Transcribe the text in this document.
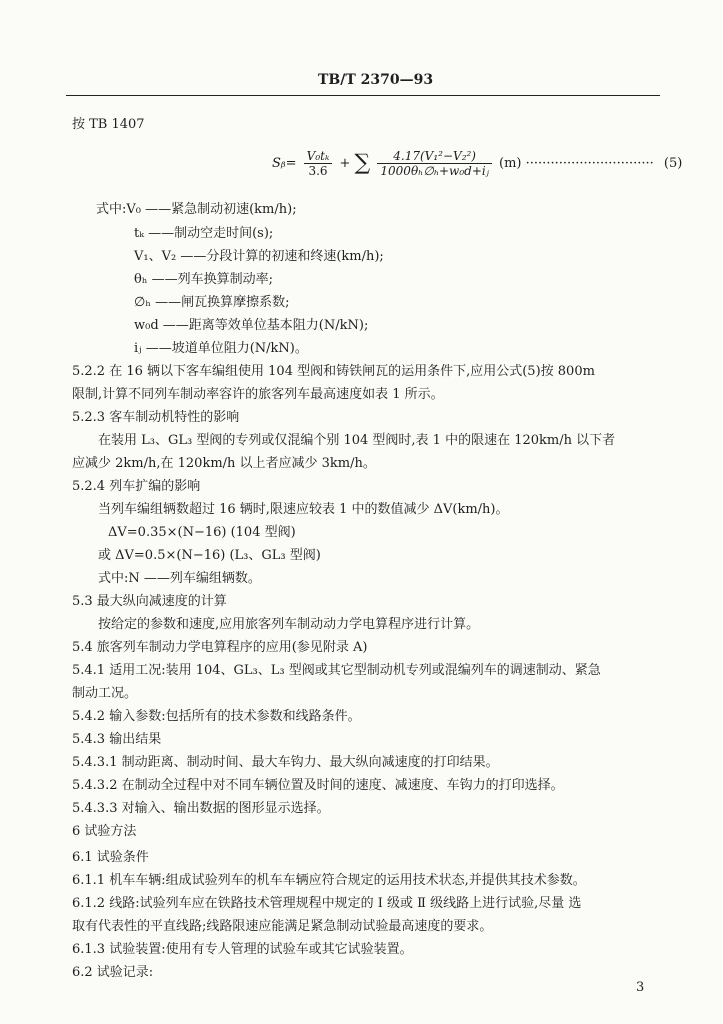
TB/T 2370—93
按 TB 1407
式中:V₀ ——紧急制动初速(km/h);
tₖ ——制动空走时间(s);
V₁、V₂ ——分段计算的初速和终速(km/h);
θₕ ——列车换算制动率;
∅ₕ ——闸瓦换算摩擦系数;
w₀d ——距离等效单位基本阻力(N/kN);
iⱼ ——坡道单位阻力(N/kN)。
5.2.2 在 16 辆以下客车编组使用 104 型阀和铸铁闸瓦的运用条件下,应用公式(5)按 800m
限制,计算不同列车制动率容许的旅客列车最高速度如表 1 所示。
5.2.3 客车制动机特性的影响
在装用 L₃、GL₃ 型阀的专列或仅混编个别 104 型阀时,表 1 中的限速在 120km/h 以下者
应减少 2km/h,在 120km/h 以上者应减少 3km/h。
5.2.4 列车扩编的影响
当列车编组辆数超过 16 辆时,限速应较表 1 中的数值减少 ΔV(km/h)。
ΔV=0.35×(N−16) (104 型阀)
或 ΔV=0.5×(N−16) (L₃、GL₃ 型阀)
式中:N ——列车编组辆数。
5.3 最大纵向减速度的计算
按给定的参数和速度,应用旅客列车制动动力学电算程序进行计算。
5.4 旅客列车制动力学电算程序的应用(参见附录 A)
5.4.1 适用工况:装用 104、GL₃、L₃ 型阀或其它型制动机专列或混编列车的调速制动、紧急
制动工况。
5.4.2 输入参数:包括所有的技术参数和线路条件。
5.4.3 输出结果
5.4.3.1 制动距离、制动时间、最大车钩力、最大纵向减速度的打印结果。
5.4.3.2 在制动全过程中对不同车辆位置及时间的速度、减速度、车钩力的打印选择。
5.4.3.3 对输入、输出数据的图形显示选择。
6 试验方法
6.1 试验条件
6.1.1 机车车辆:组成试验列车的机车车辆应符合规定的运用技术状态,并提供其技术参数。
6.1.2 线路:试验列车应在铁路技术管理规程中规定的 Ⅰ 级或 Ⅱ 级线路上进行试验,尽量 选
取有代表性的平直线路;线路限速应能满足紧急制动试验最高速度的要求。
6.1.3 试验装置:使用有专人管理的试验车或其它试验装置。
6.2 试验记录:
Sᵦ= $\frac{\text{V₀tₖ}}{3.6}$ + ∑ $\frac{\text{4.17(V₁²−V₂²)}}{\text{1000θₕ∅ₕ+w₀d+iⱼ}} (m)$ ······························· (5)
3
